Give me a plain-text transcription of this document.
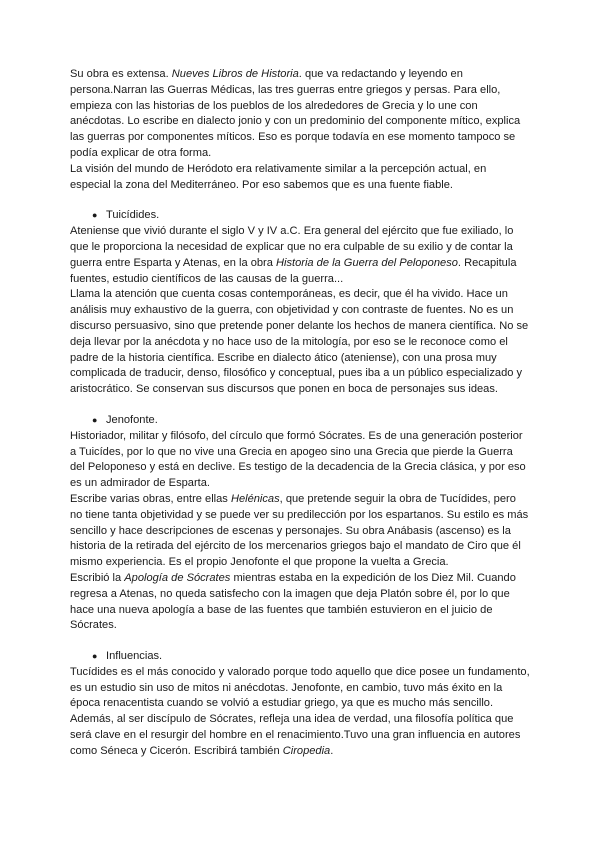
Su obra es extensa. Nueves Libros de Historia. que va redactando y leyendo en persona.Narran las Guerras Médicas, las tres guerras entre griegos y persas. Para ello, empieza con las historias de los pueblos de los alrededores de Grecia y lo une con anécdotas. Lo escribe en dialecto jonio y con un predominio del componente mítico, explica las guerras por componentes míticos. Eso es porque todavía en ese momento tampoco se podía explicar de otra forma.

La visión del mundo de Heródoto era relativamente similar a la percepción actual, en especial la zona del Mediterráneo. Por eso sabemos que es una fuente fiable.

● Tuicídides.

Ateniense que vivió durante el siglo V y IV a.C. Era general del ejército que fue exiliado, lo que le proporciona la necesidad de explicar que no era culpable de su exilio y de contar la guerra entre Esparta y Atenas, en la obra Historia de la Guerra del Peloponeso. Recapitula fuentes, estudio científicos de las causas de la guerra...

Llama la atención que cuenta cosas contemporáneas, es decir, que él ha vivido. Hace un análisis muy exhaustivo de la guerra, con objetividad y con contraste de fuentes. No es un discurso persuasivo, sino que pretende poner delante los hechos de manera científica. No se deja llevar por la anécdota y no hace uso de la mitología, por eso se le reconoce como el padre de la historia científica. Escribe en dialecto ático (ateniense), con una prosa muy complicada de traducir, denso, filosófico y conceptual, pues iba a un público especializado y aristocrático. Se conservan sus discursos que ponen en boca de personajes sus ideas.

● Jenofonte.

Historiador, militar y filósofo, del círculo que formó Sócrates. Es de una generación posterior a Tuicídes, por lo que no vive una Grecia en apogeo sino una Grecia que pierde la Guerra del Peloponeso y está en declive. Es testigo de la decadencia de la Grecia clásica, y por eso es un admirador de Esparta.

Escribe varias obras, entre ellas Helénicas, que pretende seguir la obra de Tucídides, pero no tiene tanta objetividad y se puede ver su predilección por los espartanos. Su estilo es más sencillo y hace descripciones de escenas y personajes. Su obra Anábasis (ascenso) es la historia de la retirada del ejército de los mercenarios griegos bajo el mandato de Ciro que él mismo experiencia. Es el propio Jenofonte el que propone la vuelta a Grecia.

Escribió la Apología de Sócrates mientras estaba en la expedición de los Diez Mil. Cuando regresa a Atenas, no queda satisfecho con la imagen que deja Platón sobre él, por lo que hace una nueva apología a base de las fuentes que también estuvieron en el juicio de Sócrates.

● Influencias.

Tucídides es el más conocido y valorado porque todo aquello que dice posee un fundamento, es un estudio sin uso de mitos ni anécdotas. Jenofonte, en cambio, tuvo más éxito en la época renacentista cuando se volvió a estudiar griego, ya que es mucho más sencillo. Además, al ser discípulo de Sócrates, refleja una idea de verdad, una filosofía política que será clave en el resurgir del hombre en el renacimiento.Tuvo una gran influencia en autores como Séneca y Cicerón. Escribirá también Ciropedia.
